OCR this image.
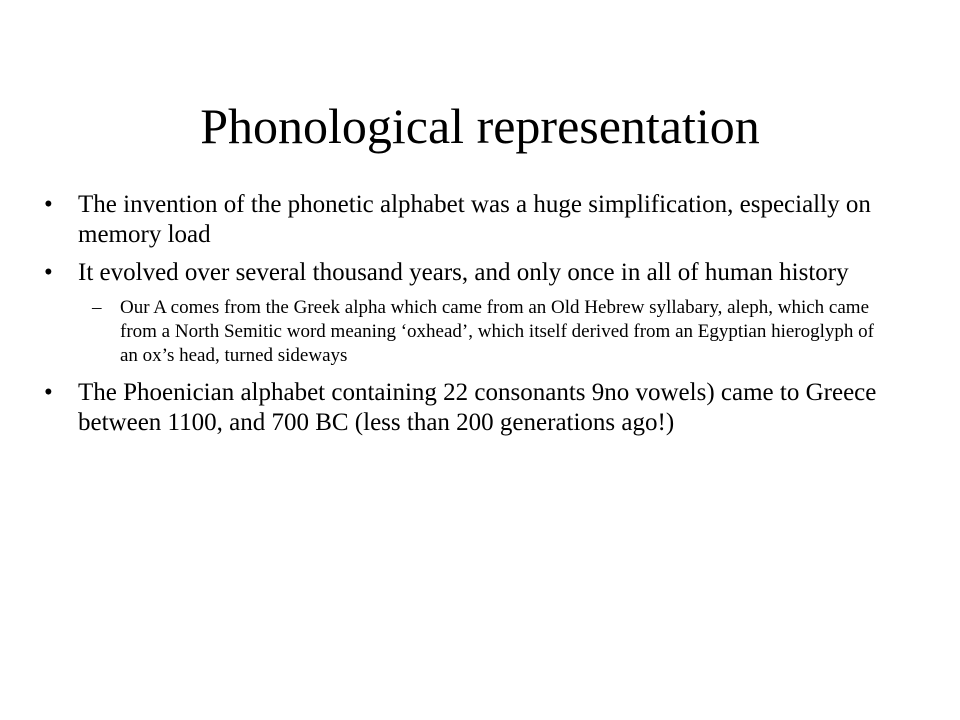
Phonological representation
•	The invention of the phonetic alphabet was a huge simplification, especially on memory load
•	It evolved over several thousand years, and only once in all of human history
– Our A comes from the Greek alpha which came from an Old Hebrew syllabary, aleph, which came from a North Semitic word meaning ‘oxhead’, which itself derived from an Egyptian hieroglyph of an ox’s head, turned sideways
•	The Phoenician alphabet containing 22 consonants 9no vowels) came to Greece between 1100, and 700 BC (less than 200 generations ago!)
